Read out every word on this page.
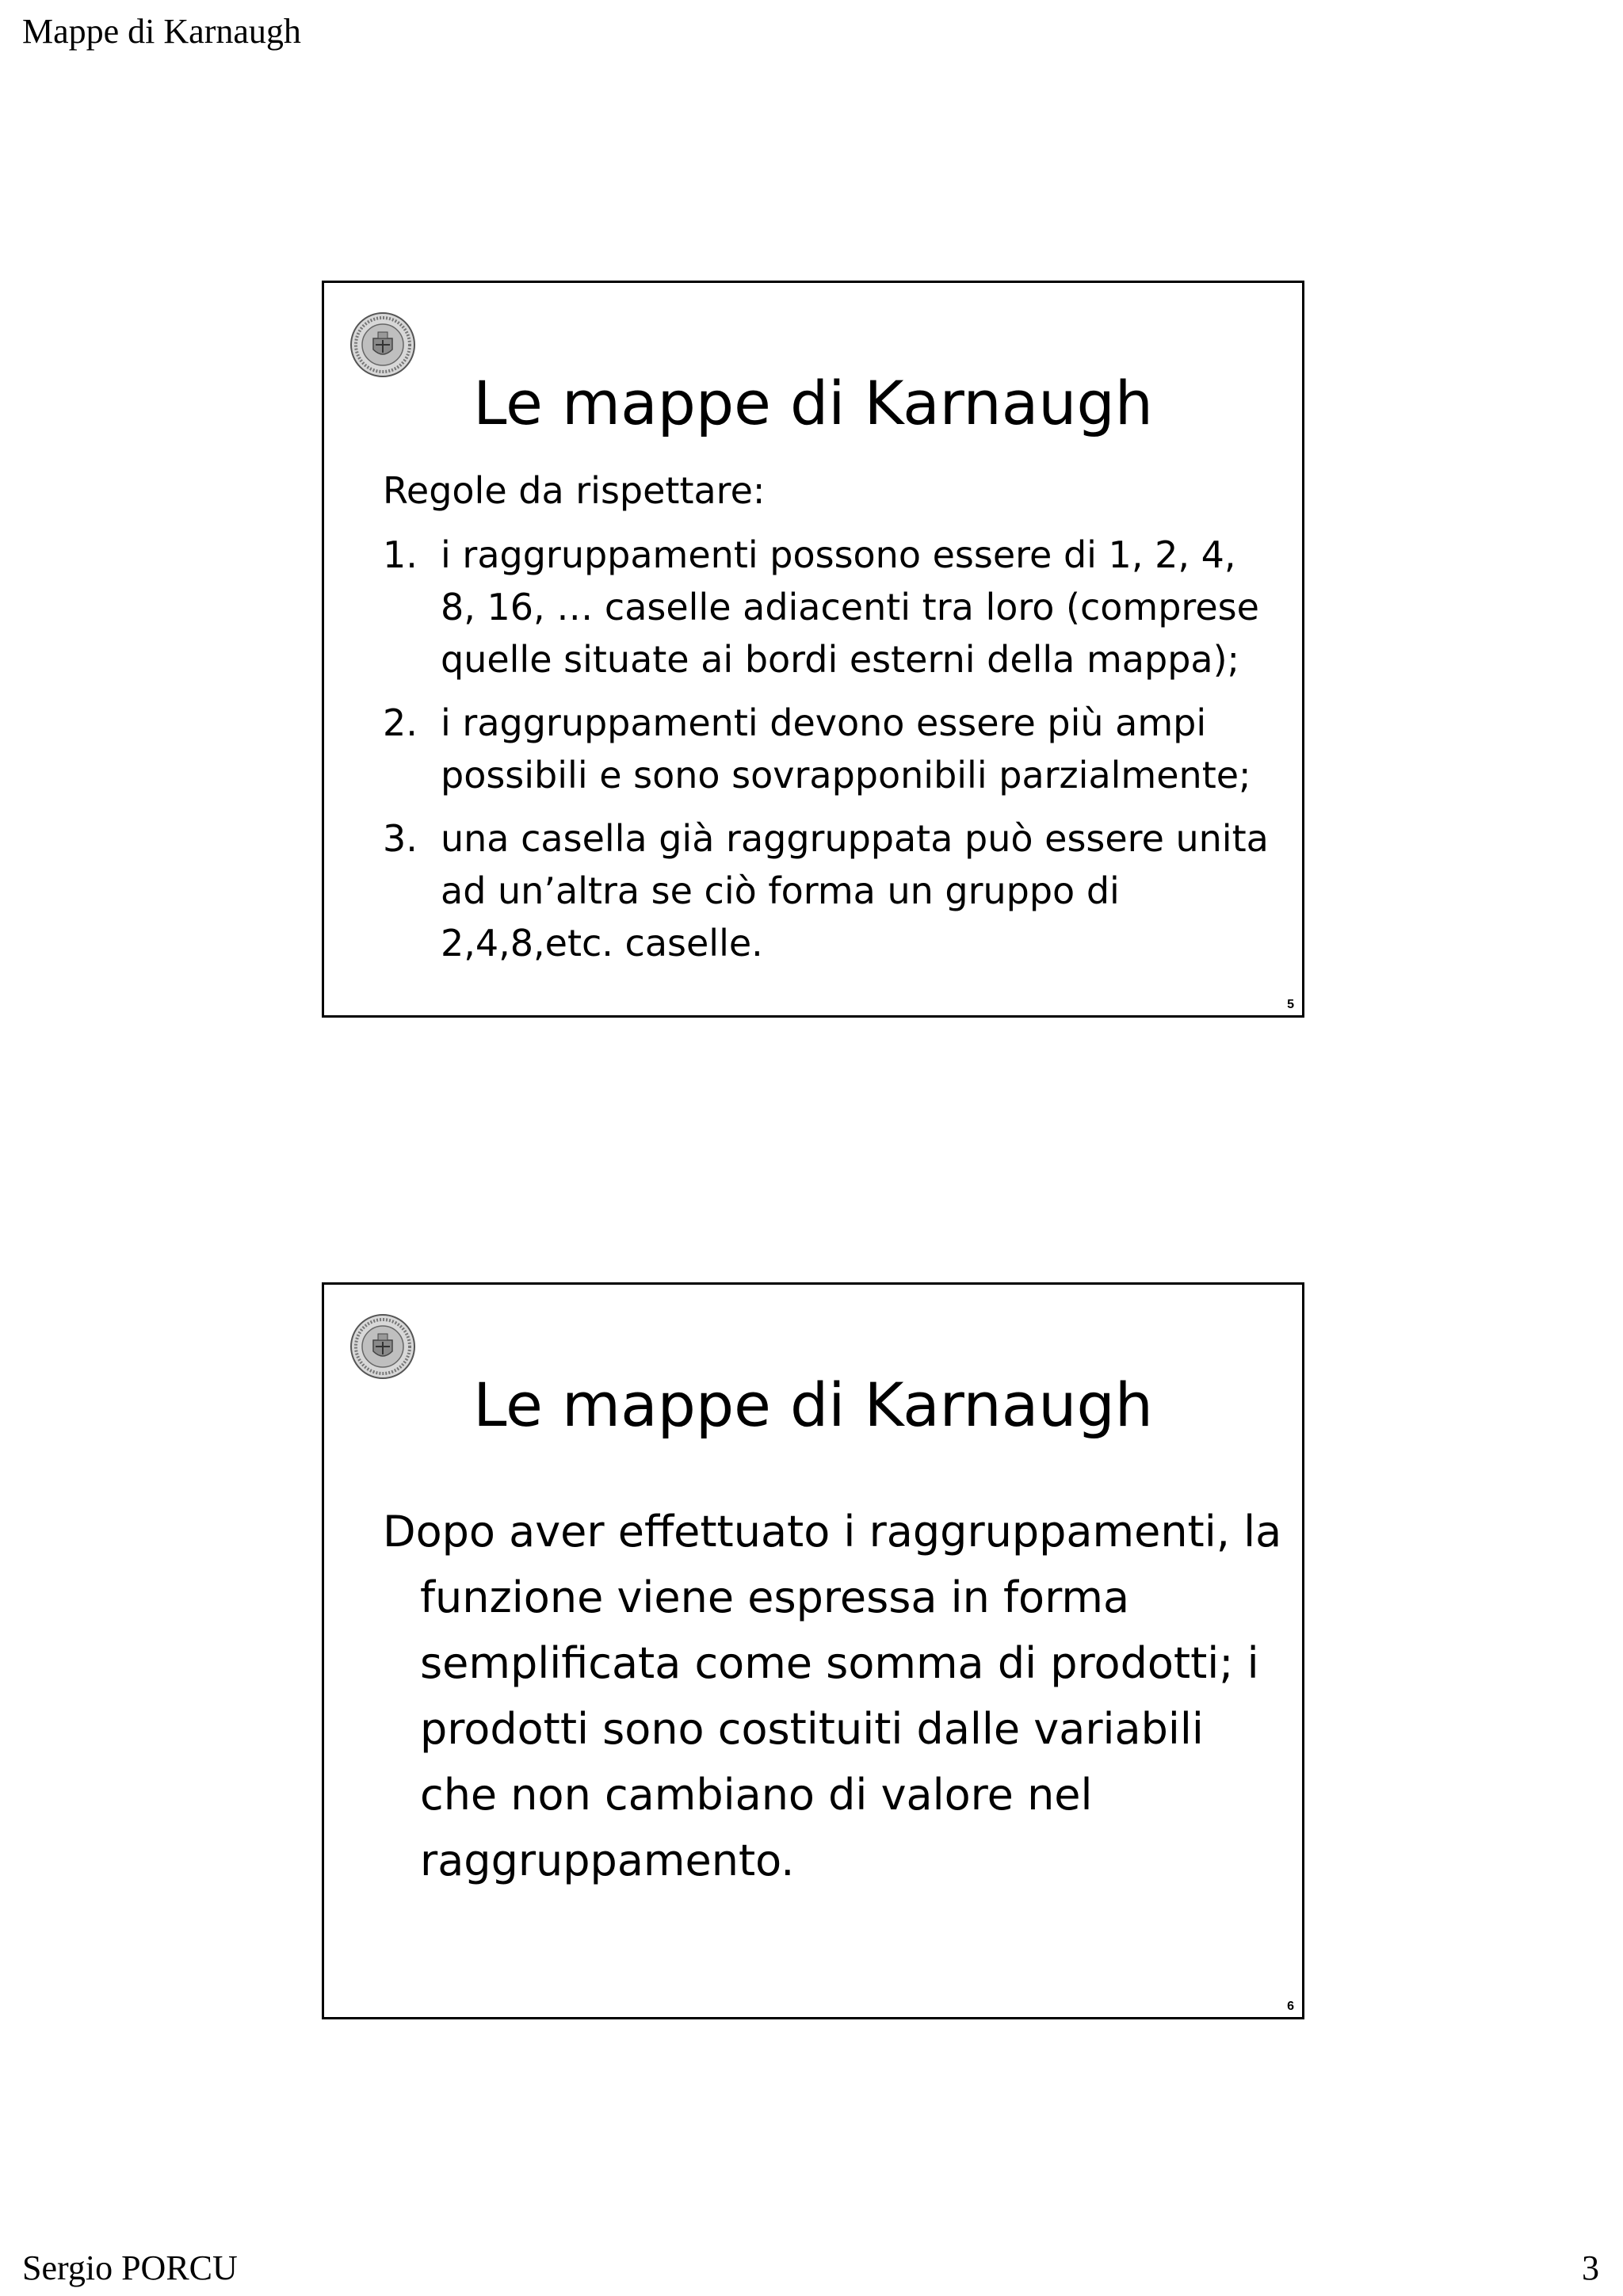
Mappe di Karnaugh
Le mappe di Karnaugh
Regole da rispettare:
1. i raggruppamenti possono essere di 1, 2, 4, 8, 16, … caselle adiacenti tra loro (comprese quelle situate ai bordi esterni della mappa);
2. i raggruppamenti devono essere più ampi possibili e sono sovrapponibili parzialmente;
3. una casella già raggruppata può essere unita ad un’altra se ciò forma un gruppo di 2,4,8,etc. caselle.
5
Le mappe di Karnaugh
Dopo aver effettuato i raggruppamenti, la funzione viene espressa in forma semplificata come somma di prodotti; i prodotti sono costituiti dalle variabili che non cambiano di valore nel raggruppamento.
6
Sergio PORCU	3
